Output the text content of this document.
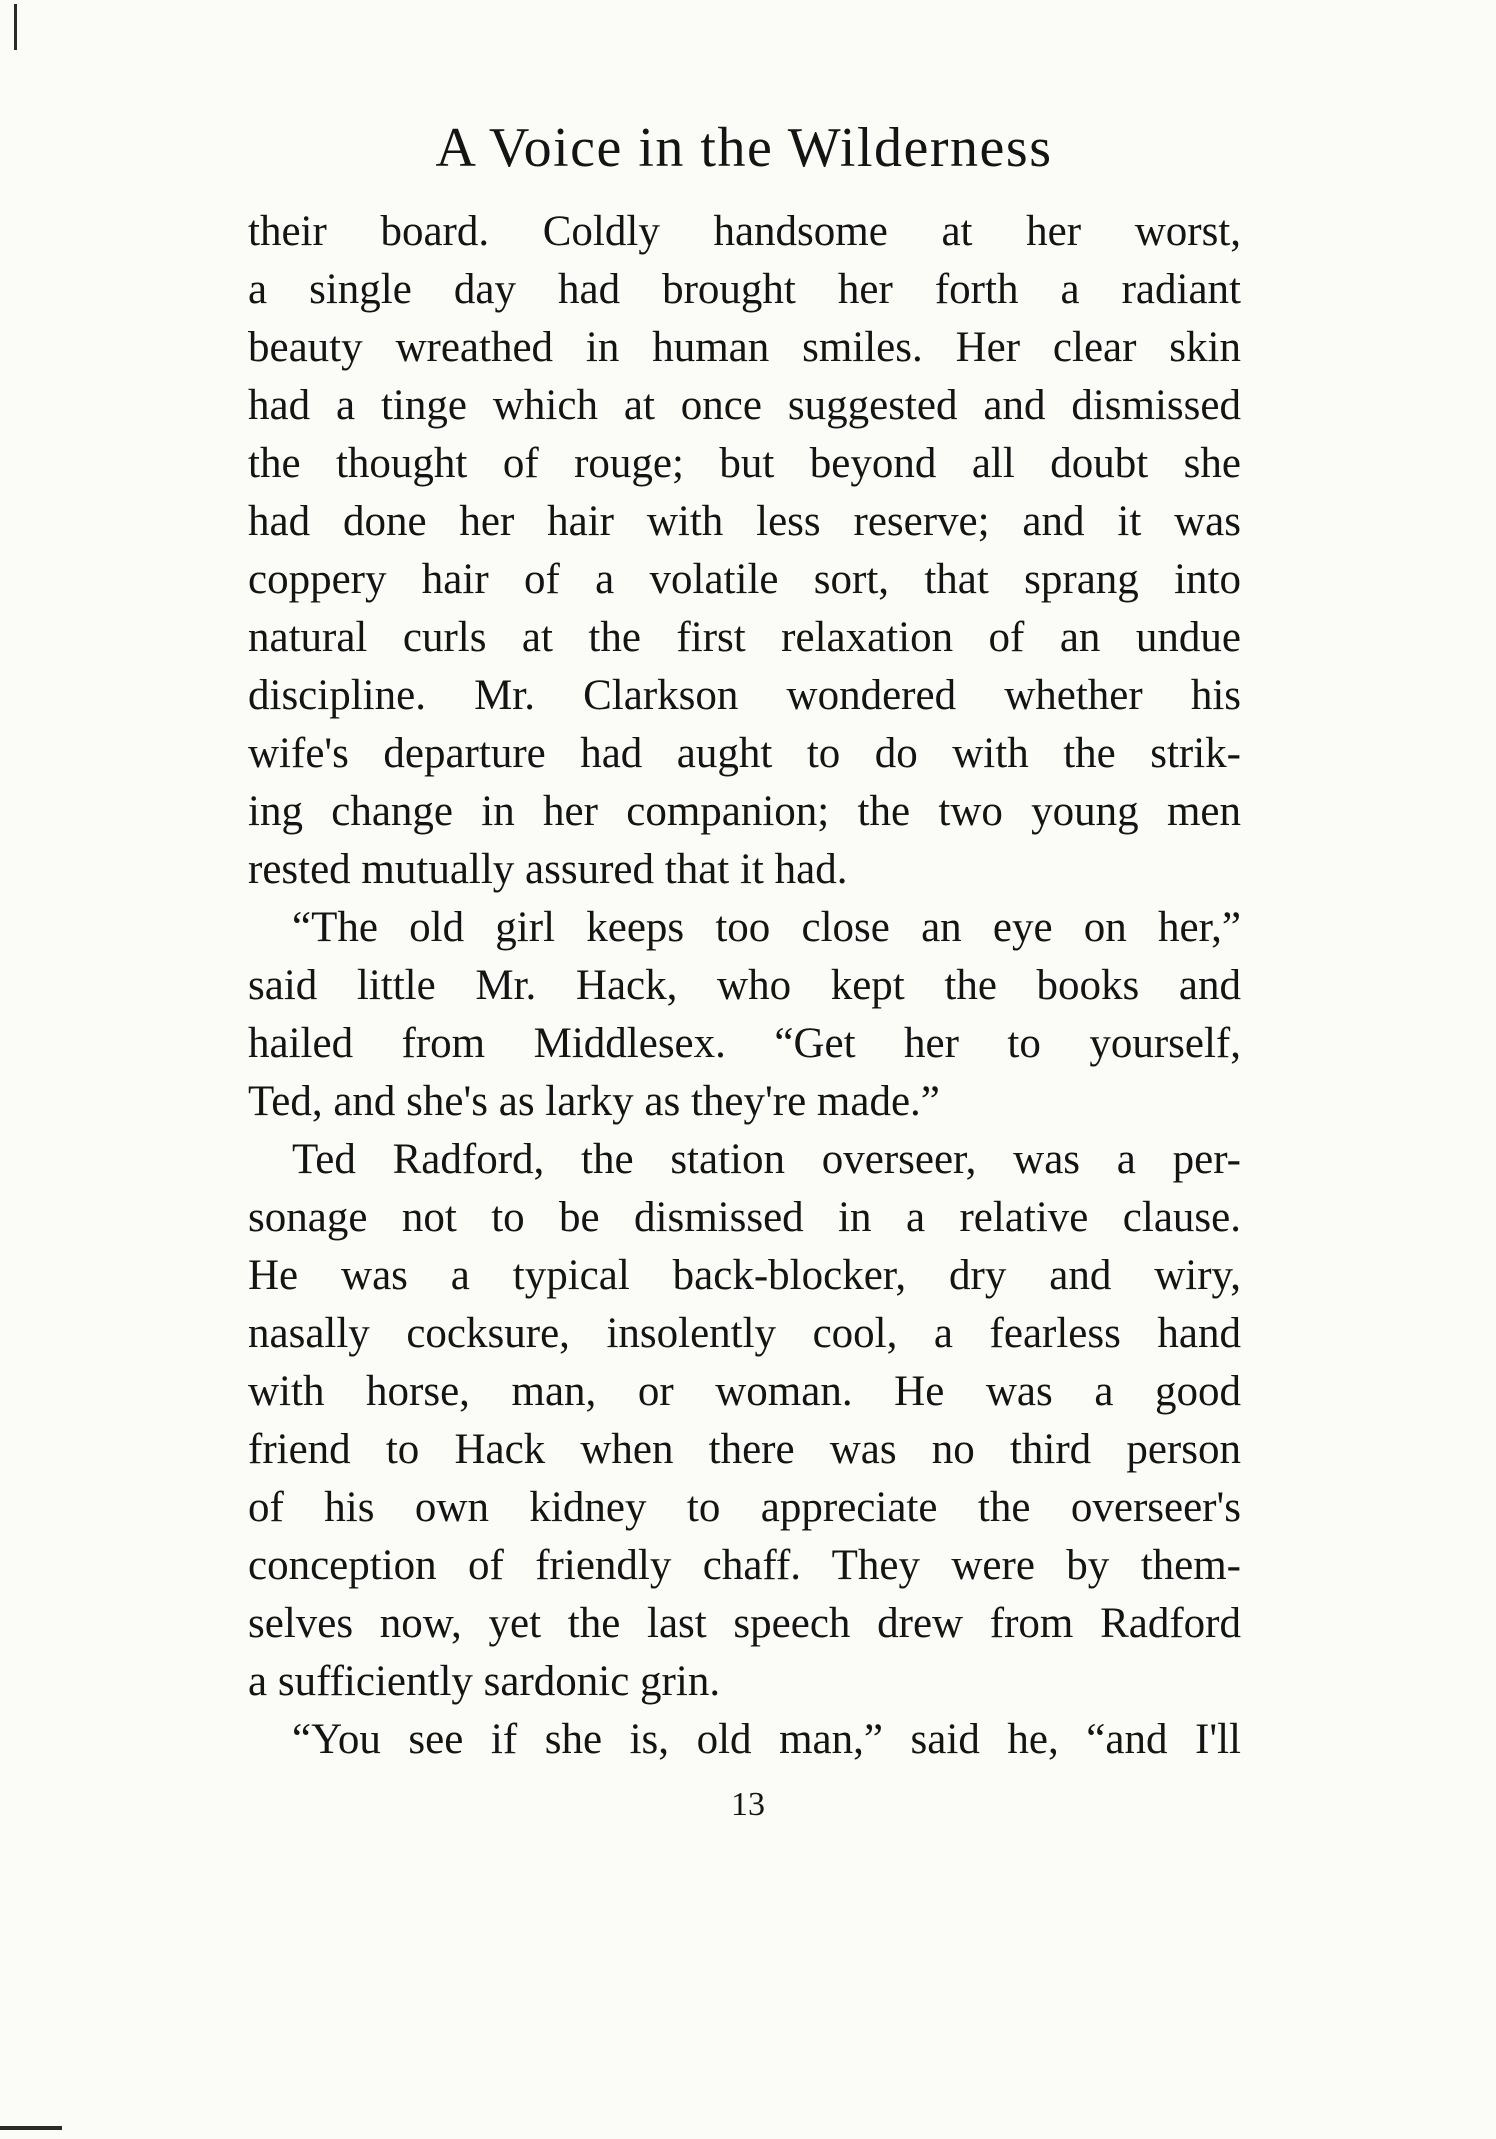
A Voice in the Wilderness
their board. Coldly handsome at her worst,
a single day had brought her forth a radiant
beauty wreathed in human smiles. Her clear skin
had a tinge which at once suggested and dismissed
the thought of rouge; but beyond all doubt she
had done her hair with less reserve; and it was
coppery hair of a volatile sort, that sprang into
natural curls at the first relaxation of an undue
discipline. Mr. Clarkson wondered whether his
wife's departure had aught to do with the strik-
ing change in her companion; the two young men
rested mutually assured that it had.
“The old girl keeps too close an eye on her,”
said little Mr. Hack, who kept the books and
hailed from Middlesex. “Get her to yourself,
Ted, and she's as larky as they're made.”
Ted Radford, the station overseer, was a per-
sonage not to be dismissed in a relative clause.
He was a typical back-blocker, dry and wiry,
nasally cocksure, insolently cool, a fearless hand
with horse, man, or woman. He was a good
friend to Hack when there was no third person
of his own kidney to appreciate the overseer's
conception of friendly chaff. They were by them-
selves now, yet the last speech drew from Radford
a sufficiently sardonic grin.
“You see if she is, old man,” said he, “and I'll
13
